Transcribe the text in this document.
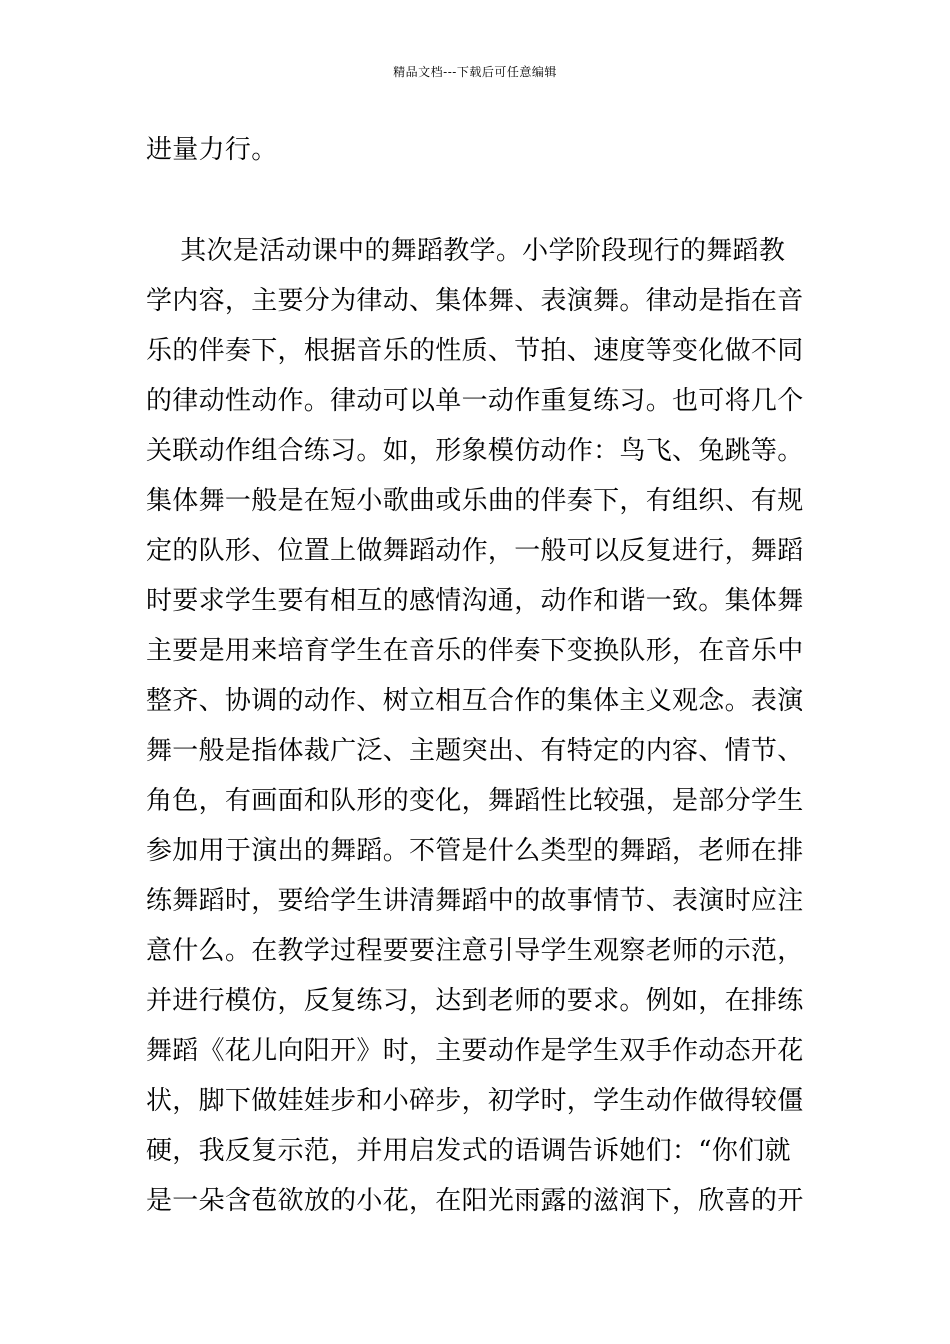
精品文档---下载后可任意编辑
进量力行。
其次是活动课中的舞蹈教学。小学阶段现行的舞蹈教
学内容，主要分为律动、集体舞、表演舞。律动是指在音
乐的伴奏下，根据音乐的性质、节拍、速度等变化做不同
的律动性动作。律动可以单一动作重复练习。也可将几个
关联动作组合练习。如，形象模仿动作：鸟飞、兔跳等。
集体舞一般是在短小歌曲或乐曲的伴奏下，有组织、有规
定的队形、位置上做舞蹈动作，一般可以反复进行，舞蹈
时要求学生要有相互的感情沟通，动作和谐一致。集体舞
主要是用来培育学生在音乐的伴奏下变换队形，在音乐中
整齐、协调的动作、树立相互合作的集体主义观念。表演
舞一般是指体裁广泛、主题突出、有特定的内容、情节、
角色，有画面和队形的变化，舞蹈性比较强，是部分学生
参加用于演出的舞蹈。不管是什么类型的舞蹈，老师在排
练舞蹈时，要给学生讲清舞蹈中的故事情节、表演时应注
意什么。在教学过程要要注意引导学生观察老师的示范，
并进行模仿，反复练习，达到老师的要求。例如，在排练
舞蹈《花儿向阳开》时，主要动作是学生双手作动态开花
状，脚下做娃娃步和小碎步，初学时，学生动作做得较僵
硬，我反复示范，并用启发式的语调告诉她们：“你们就
是一朵含苞欲放的小花，在阳光雨露的滋润下，欣喜的开
